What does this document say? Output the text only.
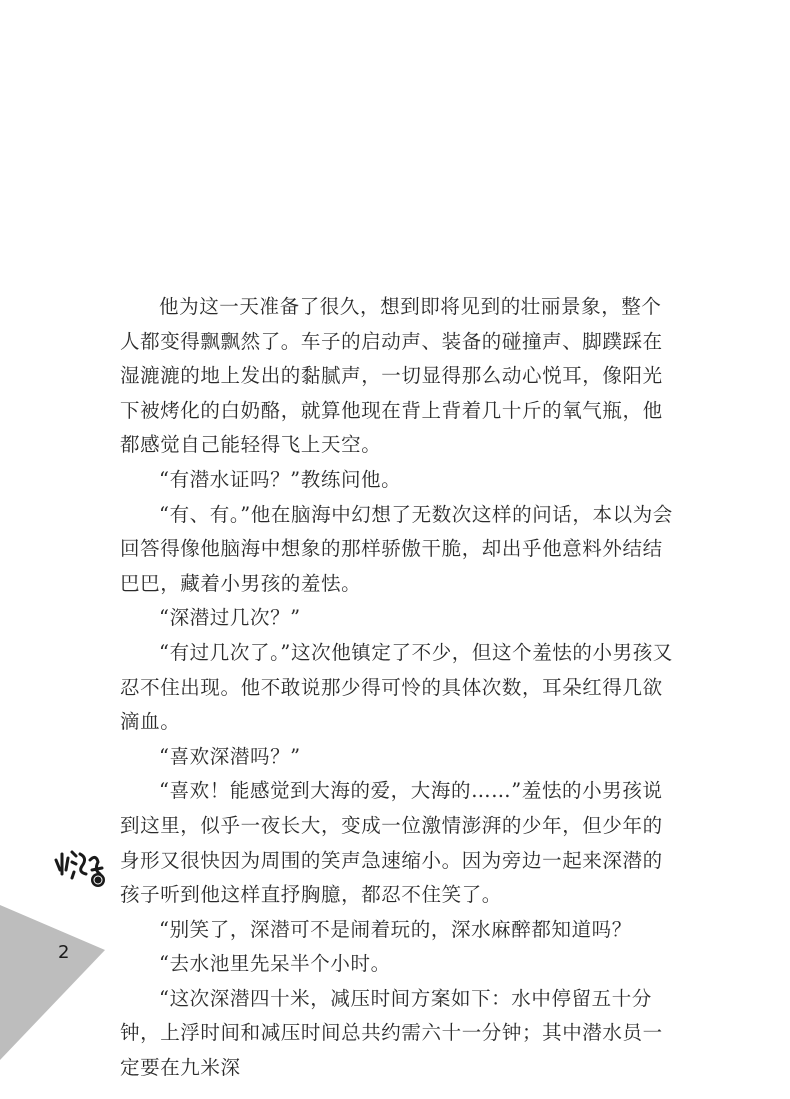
他为这一天准备了很久，想到即将见到的壮丽景象，整个人都变得飘飘然了。车子的启动声、装备的碰撞声、脚蹼踩在湿漉漉的地上发出的黏腻声，一切显得那么动心悦耳，像阳光下被烤化的白奶酪，就算他现在背上背着几十斤的氧气瓶，他都感觉自己能轻得飞上天空。

“有潜水证吗？”教练问他。

“有、有。”他在脑海中幻想了无数次这样的问话，本以为会回答得像他脑海中想象的那样骄傲干脆，却出乎他意料外结结巴巴，藏着小男孩的羞怯。

“深潜过几次？”

“有过几次了。”这次他镇定了不少，但这个羞怯的小男孩又忍不住出现。他不敢说那少得可怜的具体次数，耳朵红得几欲滴血。

“喜欢深潜吗？”

“喜欢！能感觉到大海的爱，大海的……”羞怯的小男孩说到这里，似乎一夜长大，变成一位激情澎湃的少年，但少年的身形又很快因为周围的笑声急速缩小。因为旁边一起来深潜的孩子听到他这样直抒胸臆，都忍不住笑了。

“别笑了，深潜可不是闹着玩的，深水麻醉都知道吗？

“去水池里先呆半个小时。

“这次深潜四十米，减压时间方案如下：水中停留五十分钟，上浮时间和减压时间总共约需六十一分钟；其中潜水员一定要在九米深

2
